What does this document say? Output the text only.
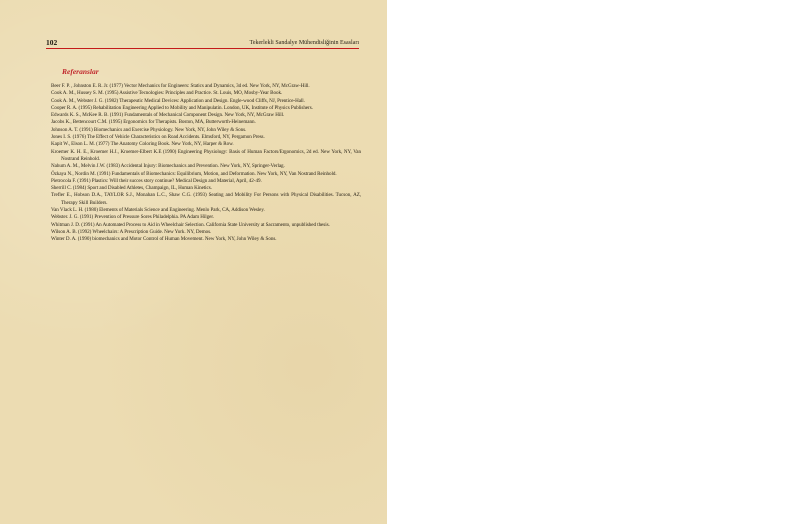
102	Tekerlekli Sandalye Mühendisliğinin Esasları
Referanslar
Beer F. P. , Johnston E. R. Jr. (1977) Vector Mechanics for Engineers: Statics and Dynamics, 3d ed. New York, NY, McGraw-Hill.
Cook A. M., Hussey S. M. (1995) Assistive Tecnologies: Principles and Practice. St. Louis, MO, Mosby-Year Book.
Cook A. M., Webster J. G. (1982) Therapeutic Medical Devices: Application and Design. Engle-wood Cliffs, NJ, Prentice-Hall.
Cooper R. A. (1995) Rehabilitation Engineering Applied to Mobility and Manipulatin. London, UK, Institute of Physics Publishers.
Edwards K. S., McKee R. B. (1991) Fundamentals of Mechanical Component Design. New York, NY, McGraw Hill.
Jacobs K., Bettencourt C.M. (1995) Ergonomics for Therapists. Boston, MA, Butterworth-Heinemann.
Johnson A. T. (1991) Biomechanics and Exercise Physiology. New York, NY, John Wiley & Sons.
Jones I. S. (1976) The Effect of Vehicle Characteristics on Road Accidents. Elmsford, NY, Pergamon Press.
Kapit W., Elson L. M. (1977) The Anatomy Coloring Book. New York, NY, Harper & Row.
Kroemer K. H. E., Kroemer H.J., Kroemer-Elbert K.E (1990) Engineering Physiology: Basis of Human Factors/Ergonomics, 2d ed. New York, NY, Van Nostrand Reinhold.
Nahum A. M., Melvin J.W. (1983) Accidental Injury: Biomechanics and Prevention. New York, NY, Springer-Verlag.
Özkaya N., Nordin M. (1991) Fundamentals of Biomechanics: Equilibrium, Motion, and Deformation. New York, NY, Van Nostrand Reinhold.
Pietrocola F. (1991) Plastics: Will their succes story continue? Medical Design and Material, April, 42-49.
Sherrill C. (1984) Sport and Disabled Athletes, Champaign, IL, Human Kinetics.
Trefler E., Hobson D.A., TAYLOR S.J., Monahan L.C., Shaw C.G. (1993) Seating and Mobility For Persons with Physical Disabilities. Tucson, AZ, Therapy Skill Builders.
Van Vlack L. H. (1980) Elements of Materials Science and Engineering. Menlo Park, CA, Addison Wesley.
Webster. J. G. (1991) Prevention of Pressure Sores Philadelphia. PA Adam Hilger.
Whitman J. D. (1991) An Automated Process to Aid in Wheelchair Selection. California State University at Sacramento, unpublished thesis.
Wilson A. B. (1992) Wheelchairs: A Prescription Guide. New York. NY, Demos.
Winter D. A. (1990) biomechanics and Motor Control of Human Movement. New York, NY, John Wiley & Sons.
